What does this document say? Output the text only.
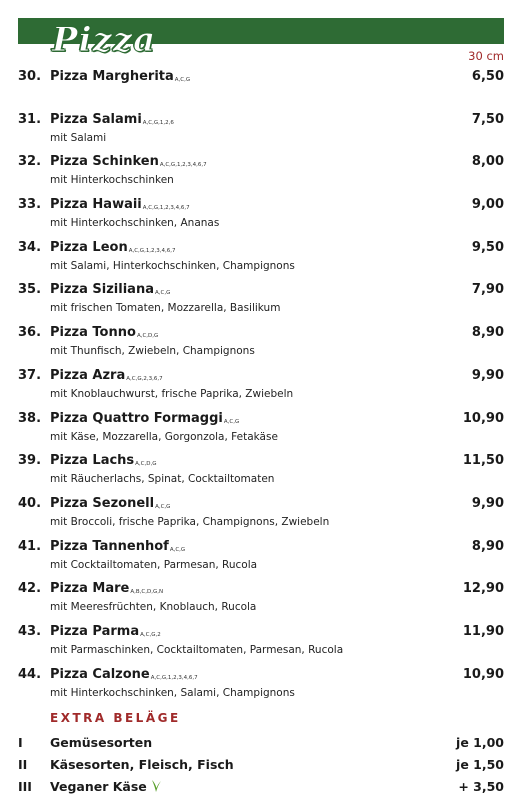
Pizza mit Tomatensauce bestrichen & mit Käse belegt.
30 cm
30. Pizza MargheritaA,C,G	6,50
31. Pizza SalamiA,C,G,1,2,6	7,50
mit Salami
32. Pizza SchinkenA,C,G,1,2,3,4,6,7	8,00
mit Hinterkochschinken
33. Pizza HawaiiA,C,G,1,2,3,4,6,7	9,00
mit Hinterkochschinken, Ananas
34. Pizza LeonA,C,G,1,2,3,4,6,7	9,50
mit Salami, Hinterkochschinken, Champignons
35. Pizza SizilianaA,C,G	7,90
mit frischen Tomaten, Mozzarella, Basilikum
36. Pizza TonnoA,C,D,G	8,90
mit Thunfisch, Zwiebeln, Champignons
37. Pizza AzraA,C,G,2,3,6,7	9,90
mit Knoblauchwurst, frische Paprika, Zwiebeln
38. Pizza Quattro FormaggiA,C,G	10,90
mit Käse, Mozzarella, Gorgonzola, Fetakäse
39. Pizza LachsA,C,D,G	11,50
mit Räucherlachs, Spinat, Cocktailtomaten
40. Pizza SezonellA,C,G	9,90
mit Broccoli, frische Paprika, Champignons, Zwiebeln
41. Pizza TannenhofA,C,G	8,90
mit Cocktailtomaten, Parmesan, Rucola
42. Pizza MareA,B,C,D,G,N	12,90
mit Meeresfrüchten, Knoblauch, Rucola
43. Pizza ParmaA,C,G,2	11,90
mit Parmaschinken, Cocktailtomaten, Parmesan, Rucola
44. Pizza CalzoneA,C,G,1,2,3,4,6,7	10,90
mit Hinterkochschinken, Salami, Champignons
EXTRA BELÄGE
I Gemüsesorten	je 1,00
II Käsesorten, Fleisch, Fisch	je 1,50
III Veganer Käse	+ 3,50
